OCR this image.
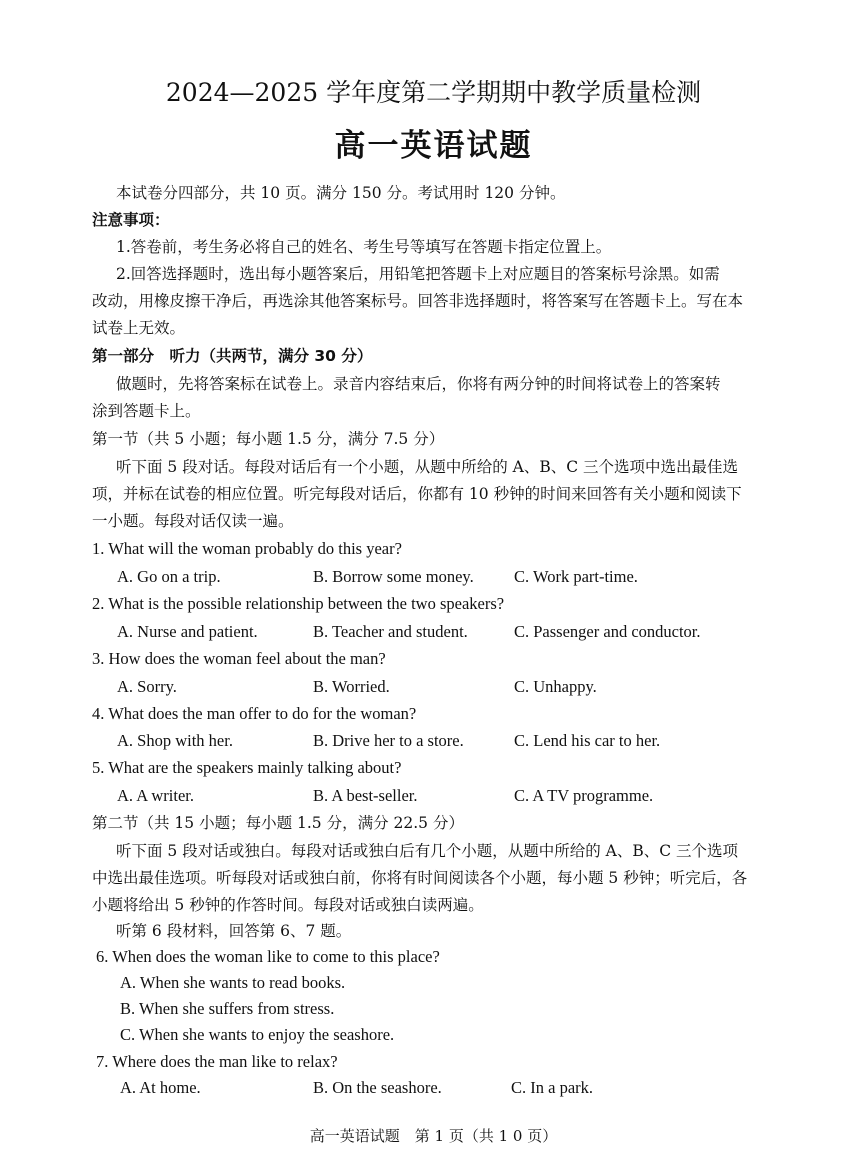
2024—2025 学年度第二学期期中教学质量检测
高一英语试题
本试卷分四部分，共 10 页。满分 150 分。考试用时 120 分钟。
注意事项：
1.答卷前，考生务必将自己的姓名、考生号等填写在答题卡指定位置上。
2.回答选择题时，选出每小题答案后，用铅笔把答题卡上对应题目的答案标号涂黑。如需
改动，用橡皮擦干净后，再选涂其他答案标号。回答非选择题时，将答案写在答题卡上。写在本
试卷上无效。
第一部分　听力（共两节，满分 30 分）
做题时，先将答案标在试卷上。录音内容结束后，你将有两分钟的时间将试卷上的答案转
涂到答题卡上。
第一节（共 5 小题；每小题 1.5 分，满分 7.5 分）
听下面 5 段对话。每段对话后有一个小题，从题中所给的 A、B、C 三个选项中选出最佳选
项，并标在试卷的相应位置。听完每段对话后，你都有 10 秒钟的时间来回答有关小题和阅读下
一小题。每段对话仅读一遍。
1. What will the woman probably do this year?
A. Go on a trip.	B. Borrow some money. C. Work part-time.
2. What is the possible relationship between the two speakers?
A. Nurse and patient.	B. Teacher and student.	C. Passenger and conductor.
3. How does the woman feel about the man?
A. Sorry.	B. Worried.	C. Unhappy.
4. What does the man offer to do for the woman?
A. Shop with her.	B. Drive her to a store.	C. Lend his car to her.
5. What are the speakers mainly talking about?
A. A writer.	B. A best-seller.	C. A TV programme.
第二节（共 15 小题；每小题 1.5 分，满分 22.5 分）
听下面 5 段对话或独白。每段对话或独白后有几个小题，从题中所给的 A、B、C 三个选项
中选出最佳选项。听每段对话或独白前，你将有时间阅读各个小题，每小题 5 秒钟；听完后，各
小题将给出 5 秒钟的作答时间。每段对话或独白读两遍。
听第 6 段材料，回答第 6、7 题。
6. When does the woman like to come to this place?
A. When she wants to read books.
B. When she suffers from stress.
C. When she wants to enjoy the seashore.
7. Where does the man like to relax?
A. At home.	B. On the seashore.	C. In a park.
高一英语试题　第 1 页（共 1 0 页）
